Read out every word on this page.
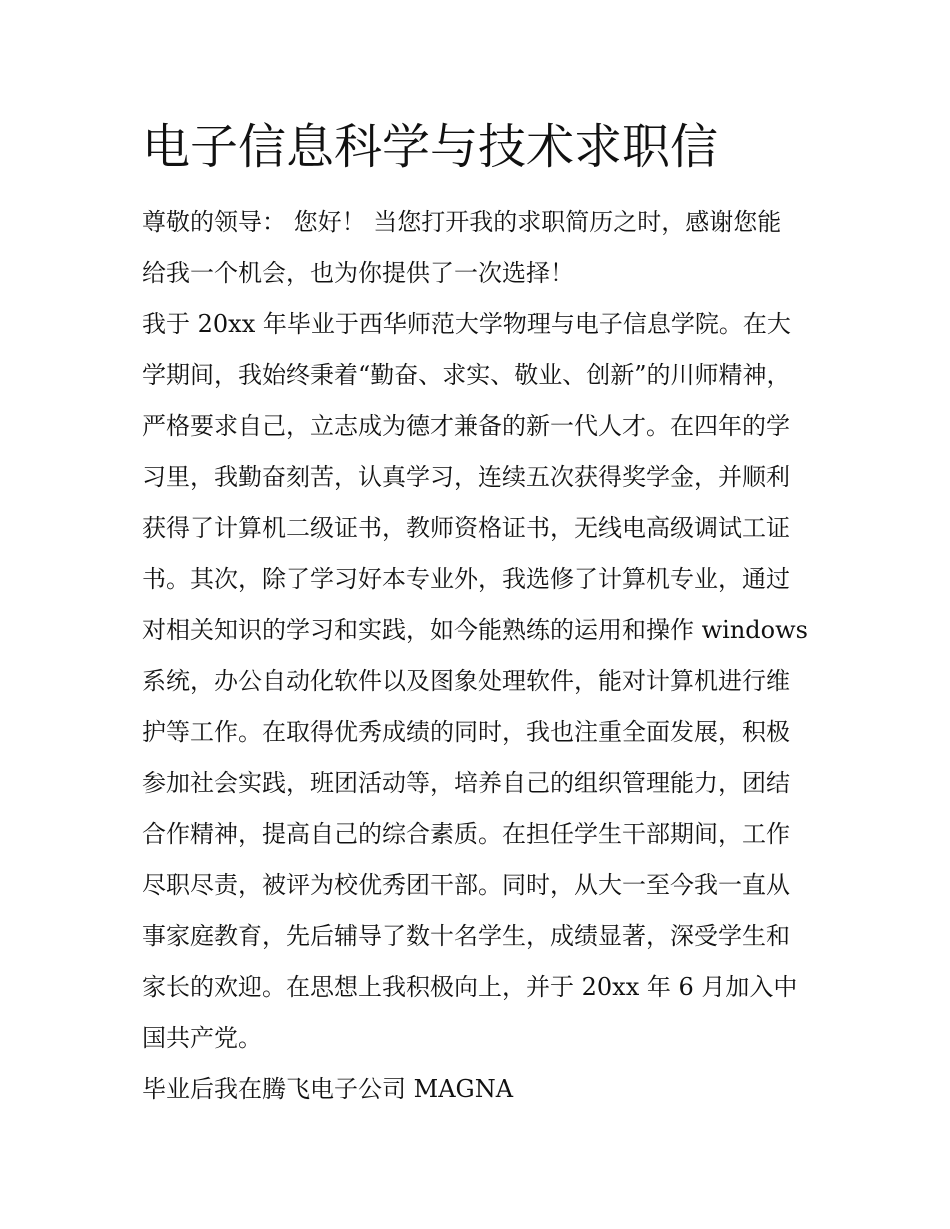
电子信息科学与技术求职信
尊敬的领导： 您好！ 当您打开我的求职简历之时，感谢您能
给我一个机会，也为你提供了一次选择！
我于 20xx 年毕业于西华师范大学物理与电子信息学院。在大
学期间，我始终秉着“勤奋、求实、敬业、创新”的川师精神，
严格要求自己，立志成为德才兼备的新一代人才。在四年的学
习里，我勤奋刻苦，认真学习，连续五次获得奖学金，并顺利
获得了计算机二级证书，教师资格证书，无线电高级调试工证
书。其次，除了学习好本专业外，我选修了计算机专业，通过
对相关知识的学习和实践，如今能熟练的运用和操作 windows
系统，办公自动化软件以及图象处理软件，能对计算机进行维
护等工作。在取得优秀成绩的同时，我也注重全面发展，积极
参加社会实践，班团活动等，培养自己的组织管理能力，团结
合作精神，提高自己的综合素质。在担任学生干部期间，工作
尽职尽责，被评为校优秀团干部。同时，从大一至今我一直从
事家庭教育，先后辅导了数十名学生，成绩显著，深受学生和
家长的欢迎。在思想上我积极向上，并于 20xx 年 6 月加入中
国共产党。
毕业后我在腾飞电子公司 MAGNA
